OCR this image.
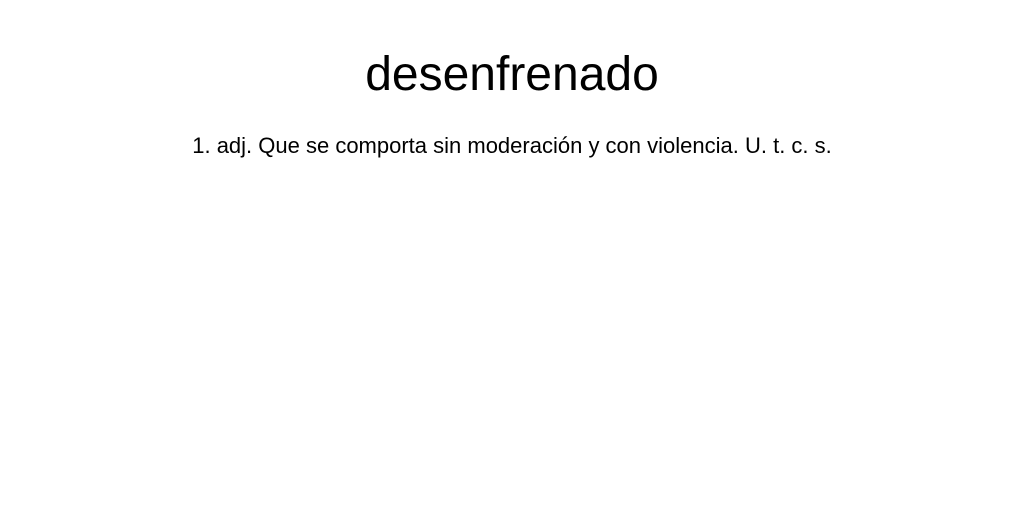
desenfrenado

1. adj. Que se comporta sin moderación y con violencia. U. t. c. s.
